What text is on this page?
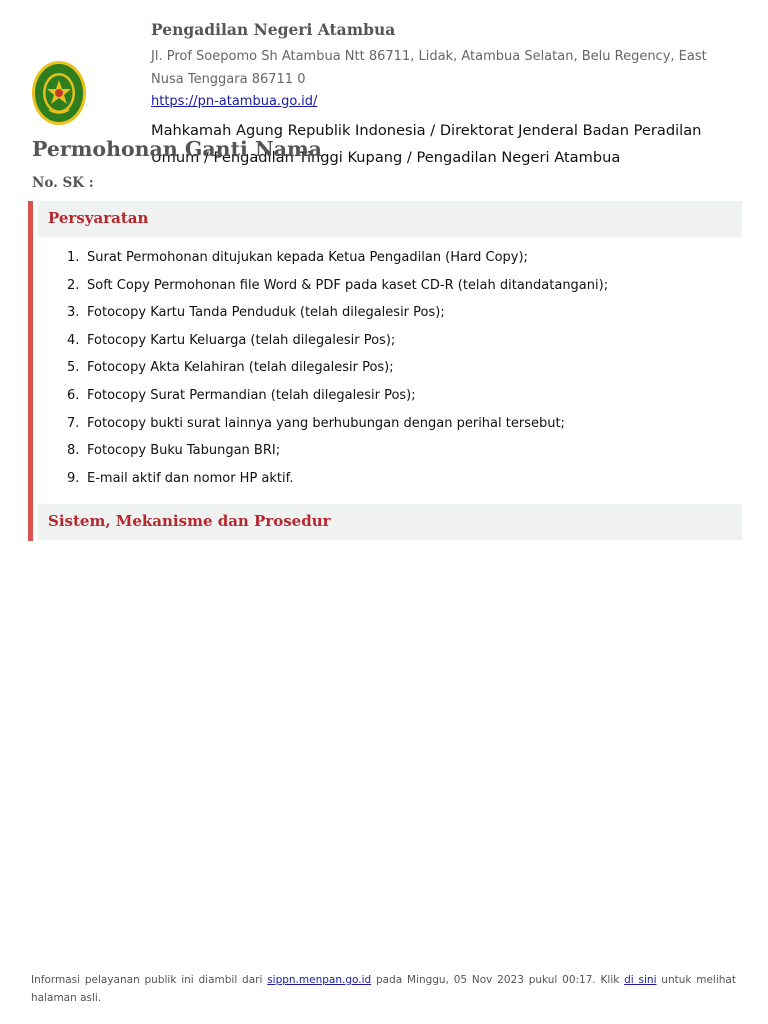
Pengadilan Negeri Atambua
Jl. Prof Soepomo Sh Atambua Ntt 86711, Lidak, Atambua Selatan, Belu Regency, East Nusa Tenggara 86711 0
https://pn-atambua.go.id/
Mahkamah Agung Republik Indonesia / Direktorat Jenderal Badan Peradilan Umum / Pengadilan Tinggi Kupang / Pengadilan Negeri Atambua
Permohonan Ganti Nama
No. SK :
Persyaratan
1. Surat Permohonan ditujukan kepada Ketua Pengadilan (Hard Copy);
2. Soft Copy Permohonan file Word & PDF pada kaset CD-R (telah ditandatangani);
3. Fotocopy Kartu Tanda Penduduk (telah dilegalesir Pos);
4. Fotocopy Kartu Keluarga (telah dilegalesir Pos);
5. Fotocopy Akta Kelahiran (telah dilegalesir Pos);
6. Fotocopy Surat Permandian (telah dilegalesir Pos);
7. Fotocopy bukti surat lainnya yang berhubungan dengan perihal tersebut;
8. Fotocopy Buku Tabungan BRI;
9. E-mail aktif dan nomor HP aktif.
Sistem, Mekanisme dan Prosedur
Informasi pelayanan publik ini diambil dari sippn.menpan.go.id pada Minggu, 05 Nov 2023 pukul 00:17. Klik di sini untuk melihat halaman asli.
